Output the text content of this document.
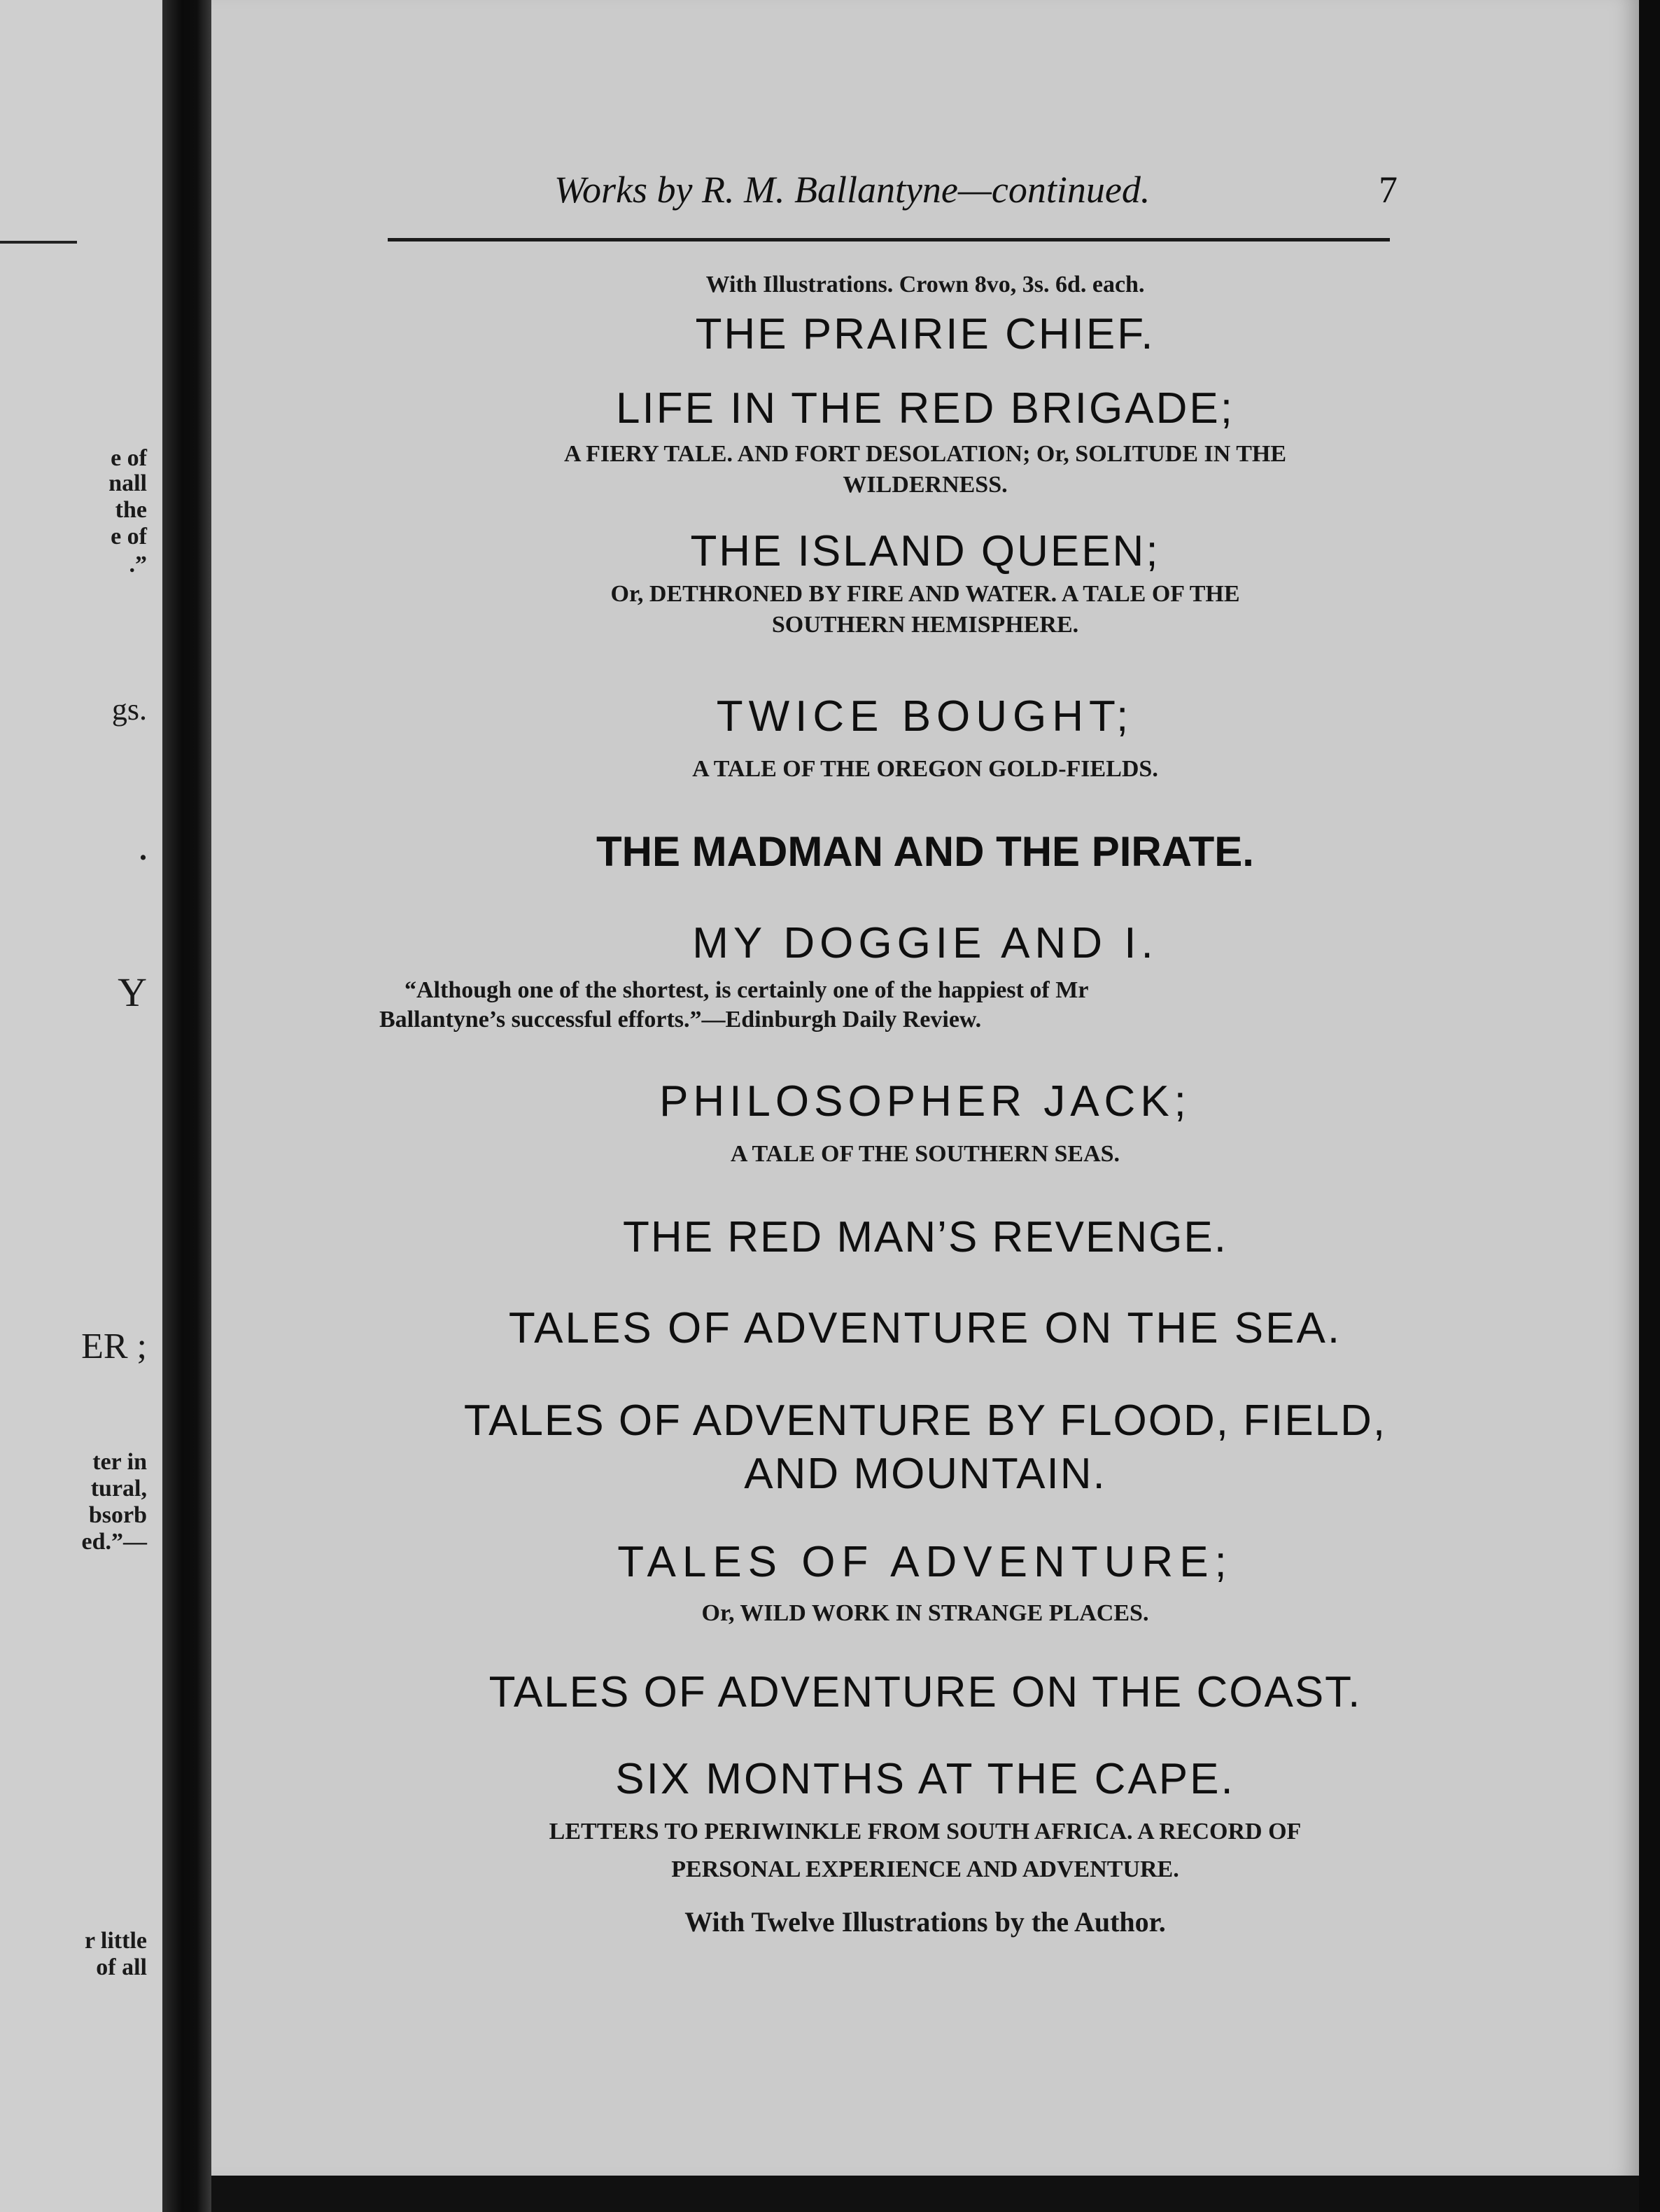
e of
nall
the
e of
.”
gs.
.
Y
ER ;
ter in
tural,
bsorb
ed.”—
r little
of all
Works by R. M. Ballantyne—continued.	7
With Illustrations. Crown 8vo, 3s. 6d. each.
THE PRAIRIE CHIEF.
LIFE IN THE RED BRIGADE;
A FIERY TALE. AND FORT DESOLATION; Or, SOLITUDE IN THE
WILDERNESS.
THE ISLAND QUEEN;
Or, DETHRONED BY FIRE AND WATER. A TALE OF THE
SOUTHERN HEMISPHERE.
TWICE BOUGHT;
A TALE OF THE OREGON GOLD-FIELDS.
THE MADMAN AND THE PIRATE.
MY DOGGIE AND I.
“Although one of the shortest, is certainly one of the happiest of Mr
Ballantyne’s successful efforts.”—Edinburgh Daily Review.
PHILOSOPHER JACK;
A TALE OF THE SOUTHERN SEAS.
THE RED MAN’S REVENGE.
TALES OF ADVENTURE ON THE SEA.
TALES OF ADVENTURE BY FLOOD, FIELD,
AND MOUNTAIN.
TALES OF ADVENTURE;
Or, WILD WORK IN STRANGE PLACES.
TALES OF ADVENTURE ON THE COAST.
SIX MONTHS AT THE CAPE.
LETTERS TO PERIWINKLE FROM SOUTH AFRICA. A RECORD OF
PERSONAL EXPERIENCE AND ADVENTURE.
With Twelve Illustrations by the Author.
